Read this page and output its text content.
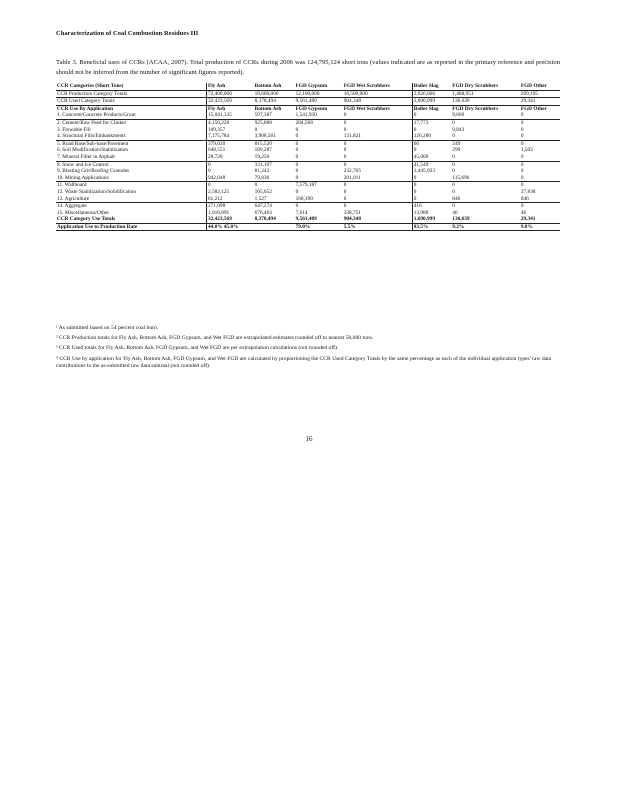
Characterization of Coal Combustion Residues III
Table 3. Beneficial uses of CCRs (ACAA, 2007). Total production of CCRs during 2006 was 124,795,124 short tons (values indicated are as reported in the primary reference and precision should not be inferred from the number of significant figures reported).
CCR Categories (Short Tons)	Fly Ash	Bottom Ash	FGD Gypsum	FGD Wet Scrubbers	Boiler Slag	FGD Dry Scrubbers	FGD Other
CCR Production Category Totals	72,400,000	18,600,000	12,100,000	16,500,000	2,026,066	1,488,951	299,195
CCR Used Category Totals	32,423,569	8,378,494	9,561,489	904,348	1,690,999	136,639	29,341
CCR Use By Application	Fly Ash	Bottom Ash	FGD Gypsum	FGD Wet Scrubbers	Boiler Slag	FGD Dry Scrubbers	FGD Other
1. Concrete/Concrete Products/Grout	15,041,335	597,387	1,541,930	0	0	9,660	0
2. Cement/Raw Feed for Clinker	4,150,228	925,888	284,568	0	17,773	0	0
3. Flowable Fill	109,357	0	0	0	0	9,843	0
4. Structural Fills/Embankments	7,175,784	3,908,561	0	131,821	126,280	0	0
5. Road Base/Sub-base/Pavement	379,020	815,520	0	0	60	249	0
6. Soil Modification/Stabilization	648,551	189,287	0	0	0	299	1,503
7. Mineral Filler in Asphalt	28,720	19,250	0	0	45,000	0	0
8. Snow and Ice Control	0	331,107	0	0	41,549	0	0
9. Blasting Grit/Roofing Granules	0	81,242	0	232,765	1,445,933	0	0
10. Mining Applications	942,048	79,836	0	201,011	0	115,696	0
11. Wallboard	0	0	7,579,187	0	0	0	0
12. Waste Stabilization/Solidification	2,582,125	105,052	0	0	0	0	27,838
13. Agriculture	81,212	1,527	168,190	0	0	846	846
14. Aggregate	271,098	647,274	0	0	416	0	0
15. Miscellaneous/Other	1,016,091	676,463	7,614	338,751	13,988	46	46
CCR Category Use Totals	32,423,569	8,378,494	9,561,489	904,348	1,690,999	136,639	29,341
Application Use to Production Rate	44.8% 45.0%		79.0%	5.5%	83.5%	9.2%	9.8%

¹ As submitted based on 54 percent coal burn.

² CCR Production totals for Fly Ash, Bottom Ash, FGD Gypsum, and Wet FGD are extrapolated estimates rounded off to nearest 50,000 tons.

³ CCR Used totals for Fly Ash, Bottom Ash, FGD Gypsum, and Wet FGD are per extrapolation calculations (not rounded off).

⁴ CCR Use by application for Fly Ash, Bottom Ash, FGD Gypsum, and Wet FGD are calculated by proportioning the CCR Used Category Totals by the same percentage as each of the individual application types' raw data contributions to the as-submitted raw data subtotal (not rounded off).

16
